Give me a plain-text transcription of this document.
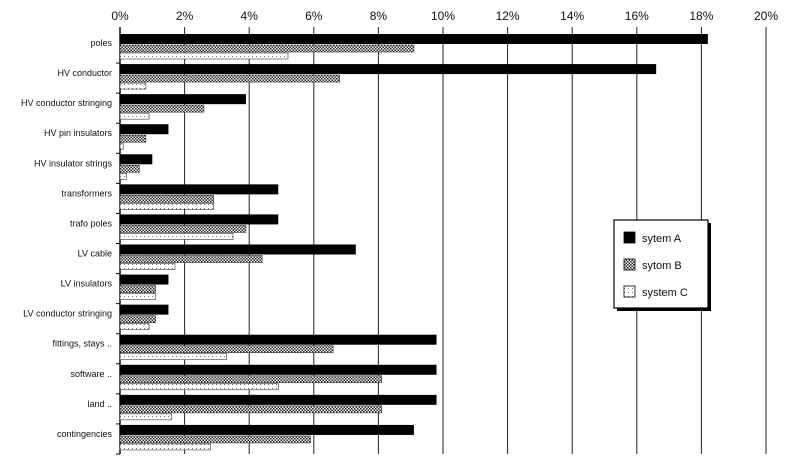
0%	2%	4%	6%	8%	10%	12%	14%	16%	18%	20%
poles
HV conductor
HV conductor stringing
HV pin insulators
HV insulator strings
transformers
trafo poles
LV cable
LV insulators
LV conductor stringing
fittings, stays ..
software ..
land ..
contingencies
sytem A
sytom B
system C
